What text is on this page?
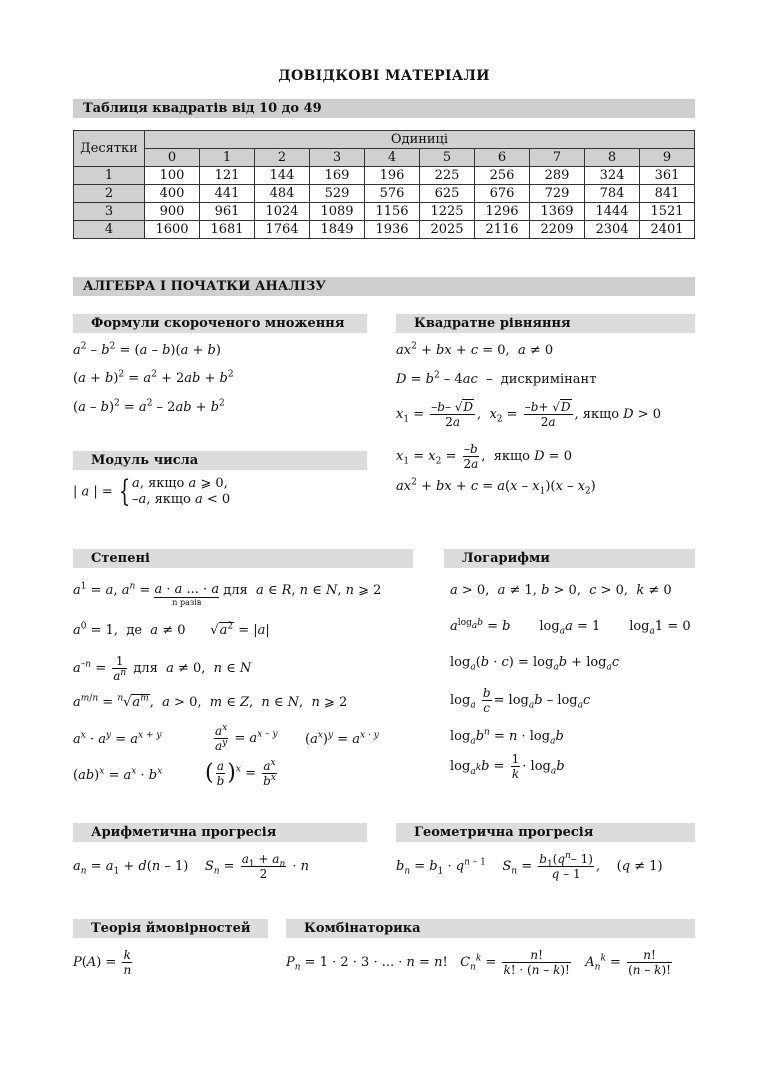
ДОВІДКОВІ МАТЕРІАЛИ
Таблиця квадратів від 10 до 49
Десятки	Одиниці									
	0	1	2	3	4	5	6	7	8	9
1	100	121	144	169	196	225	256	289	324	361
2	400	441	484	529	576	625	676	729	784	841
3	900	961	1024	1089	1156	1225	1296	1369	1444	1521
4	1600	1681	1764	1849	1936	2025	2116	2209	2304	2401
АЛГЕБРА І ПОЧАТКИ АНАЛІЗУ
Формули скороченого множення
$a^2 - b^2 = (a - b)(a + b)$
$(a + b)^2 = a^2 + 2ab + b^2$
$(a - b)^2 = a^2 - 2ab + b^2$
Квадратне рівняння
$ax^2$ + bx + c = 0,  a ≠ 0
$D = b^2 - 4ac$  –  дискримінант
$x_1 = \frac{-b- √D}{2a}$ ,  $x_2 = \frac{-b+ √D}{2a}$ , якщо D > 0
$x_1 = x_2 = \frac{-b}{2a}$ ,  якщо D = 0
$ax^2$ + bx + $c = a(x - x_1)(x - x_2)$
Модуль числа
| a | = { a, якщо a ⩾ 0,
–a, якщо a < 0
Степені
$a^1 = a$, $a^n = a \cdot a$ ... · a
n разів
для a ∈ R, n ∈ N, n ⩾ 2
$a^0 = 1$,  де a ≠ 0      $√a^2 = |a|$
$a^{-n} = \frac{1}{a^n}$ для a ≠ 0,  n ∈ N
$a^{m/n} = ^n√a^m$,  a > 0,  m ∈ Z,  n ∈ N,  n ⩾ 2
$a^x \cdot a^y = a^{x + y}$	$\frac{a^x}{a^y} = a^{x - y}$ $(a^x)^y = a^{x \cdot y}$
$(ab)^x = a^x \cdot b^x$ ( $\frac{a}{b} )^x = \frac{a^x}{b^x}$
Логарифми
a > 0,  a ≠ 1, b > 0,  c > 0,  k ≠ 0
$a^{log_ab} = b$       $\log_aa = 1$       $\log_a1 = 0$
$\log_a(b \cdot c) = \log_ab + \log_ac$
$\log_a \frac{b}{c} = \log_ab - \log_ac$
$\log_ab^n = n \cdot \log_ab$
$\log_{a^k}b = \frac{1}{k} \cdot \log_ab$
Арифметична прогресія
$a_n = a_1 + d(n - 1)$    $S_n = \frac{a_1 + a_n}{2} \cdot n$
Геометрична прогресія
$b_n = b_1 \cdot q^{n - 1}$ $S_n = \frac{b_1(q^n- 1)}{q - 1}$ ,    (q ≠ 1)
Теорія ймовірностей
$P(A) = \frac{k}{n}$
Комбінаторика
$P_n = 1 \cdot 2 \cdot 3$ · ... · n = n!   $C_n^k = \frac{n!}{k! \cdot (n - k)!} A_n^k = \frac{n!}{(n - k)!}$
